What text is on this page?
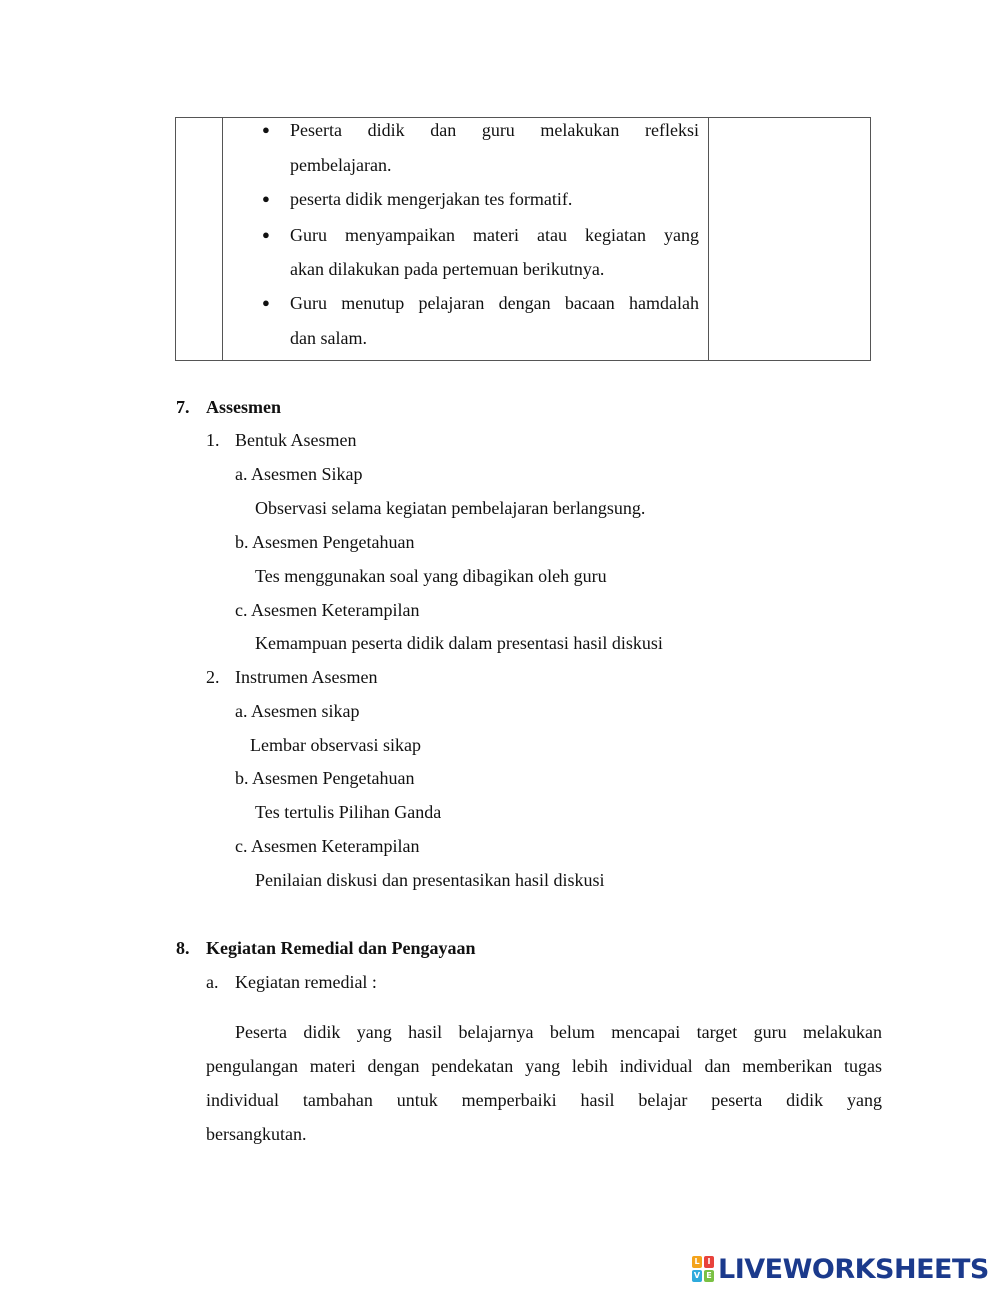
● Peserta didik dan guru melakukan refleksi
pembelajaran.
● peserta didik mengerjakan tes formatif.
● Guru menyampaikan materi atau kegiatan yang
akan dilakukan pada pertemuan berikutnya.
● Guru menutup pelajaran dengan bacaan hamdalah
dan salam.
7. Assesmen
1. Bentuk Asesmen
a. Asesmen Sikap
Observasi selama kegiatan pembelajaran berlangsung.
b. Asesmen Pengetahuan
Tes menggunakan soal yang dibagikan oleh guru
c. Asesmen Keterampilan
Kemampuan peserta didik dalam presentasi hasil diskusi
2. Instrumen Asesmen
a. Asesmen sikap
Lembar observasi sikap
b. Asesmen Pengetahuan
Tes tertulis Pilihan Ganda
c. Asesmen Keterampilan
Penilaian diskusi dan presentasikan hasil diskusi
8. Kegiatan Remedial dan Pengayaan
a. Kegiatan remedial :
Peserta didik yang hasil belajarnya belum mencapai target guru melakukan
pengulangan materi dengan pendekatan yang lebih individual dan memberikan tugas
individual tambahan untuk memperbaiki hasil belajar peserta didik yang
bersangkutan.
L I
V E LIVEWORKSHEETS
